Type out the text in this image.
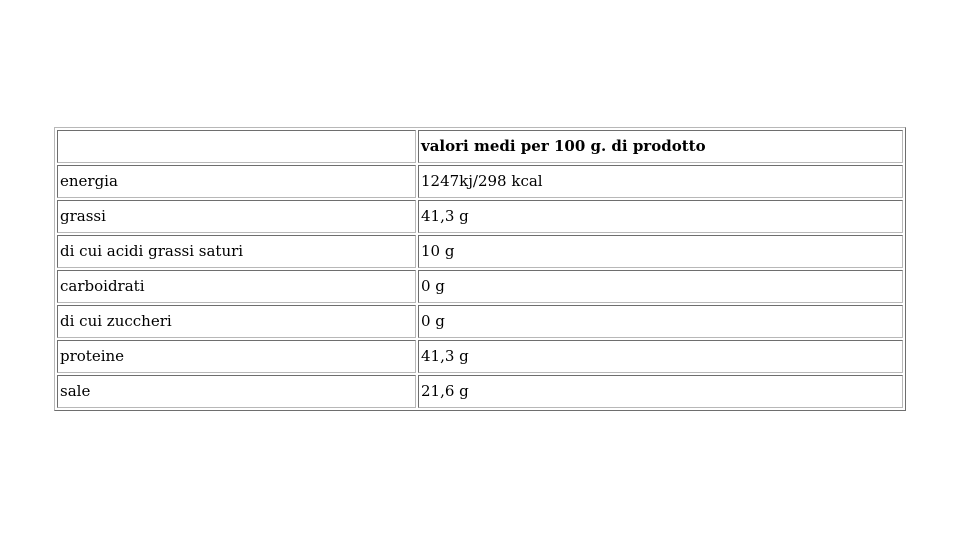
	valori medi per 100 g. di prodotto
energia	1247kj/298 kcal
grassi	41,3 g
di cui acidi grassi saturi	10 g
carboidrati	0 g
di cui zuccheri	0 g
proteine	41,3 g
sale	21,6 g
